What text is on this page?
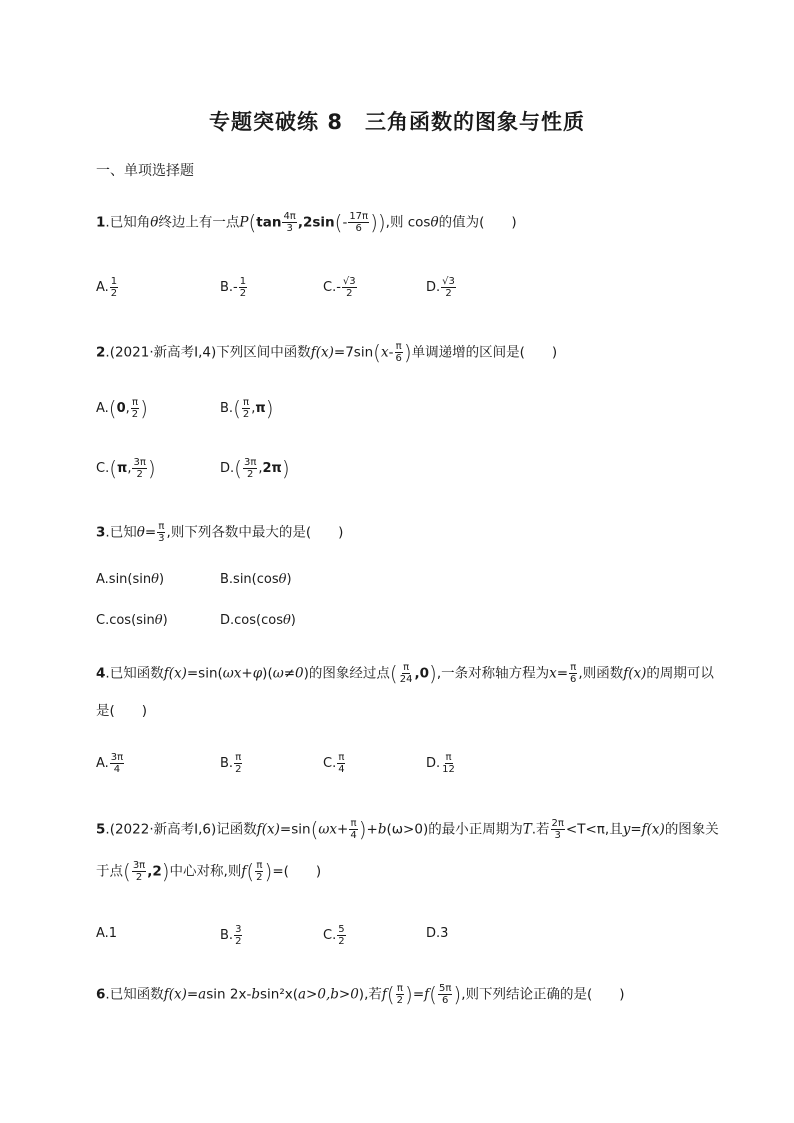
专题突破练 8　三角函数的图象与性质
一、单项选择题
1.已知角θ终边上有一点$P(\tan \frac{4\pi}{3} ,2\sin(- \frac{17\pi}{6}$ )),则 cosθ的值为(　　)
A. $\frac{1}{2}$	$B.- \frac{1}{2}$	$C.- \frac{√3}{2}$	D. $\frac{√3}{2}$
2.(2021·新高考Ⅰ,4)下列区间中函数$f(x)=7\sin(x- \frac{\pi}{6}$ )单调递增的区间是(　　)
A.(0, $\frac{\pi}{2}$ )	$B.( \frac{\pi}{2} ,\pi)$
C.(π, $\frac{3\pi}{2}$ )	$D.( \frac{3\pi}{2} ,2\pi)$
3.已知$\theta= \frac{\pi}{3}$ ,则下列各数中最大的是(　　)
A.sin(sinθ)	B.sin(cosθ)
C.cos(sinθ)	D.cos(cosθ)
4.已知函数f(x)=sin(ωx+φ)(ω≠0)的图象经过点( $\frac{\pi}{24} ,0$),一条对称轴方程为$x= \frac{\pi}{6}$ ,则函数f(x)的周期可以
是(　　)
A. $\frac{3\pi}{4}$	B. $\frac{\pi}{2}$	C. $\frac{\pi}{4}$	D. $\frac{\pi}{12}$
5.(2022·新高考Ⅰ,6)记函数$f(x)=\sin(\omega x+ \frac{\pi}{4} )+b(\omega>0)$的最小正周期为T.若 $\frac{2\pi}{3} <T<\pi$,且y=f(x)的图象关
于点( $\frac{3\pi}{2} ,2$)中心对称,则$f( \frac{\pi}{2}$ )=(　　)
A.1	B. $\frac{3}{2}$	C. $\frac{5}{2}$	D.3
6.已知函数f(x)=asin 2x-bsin²x(a>0,b>0),若$f( \frac{\pi}{2} )=f( \frac{5\pi}{6}$ ),则下列结论正确的是(　　)
